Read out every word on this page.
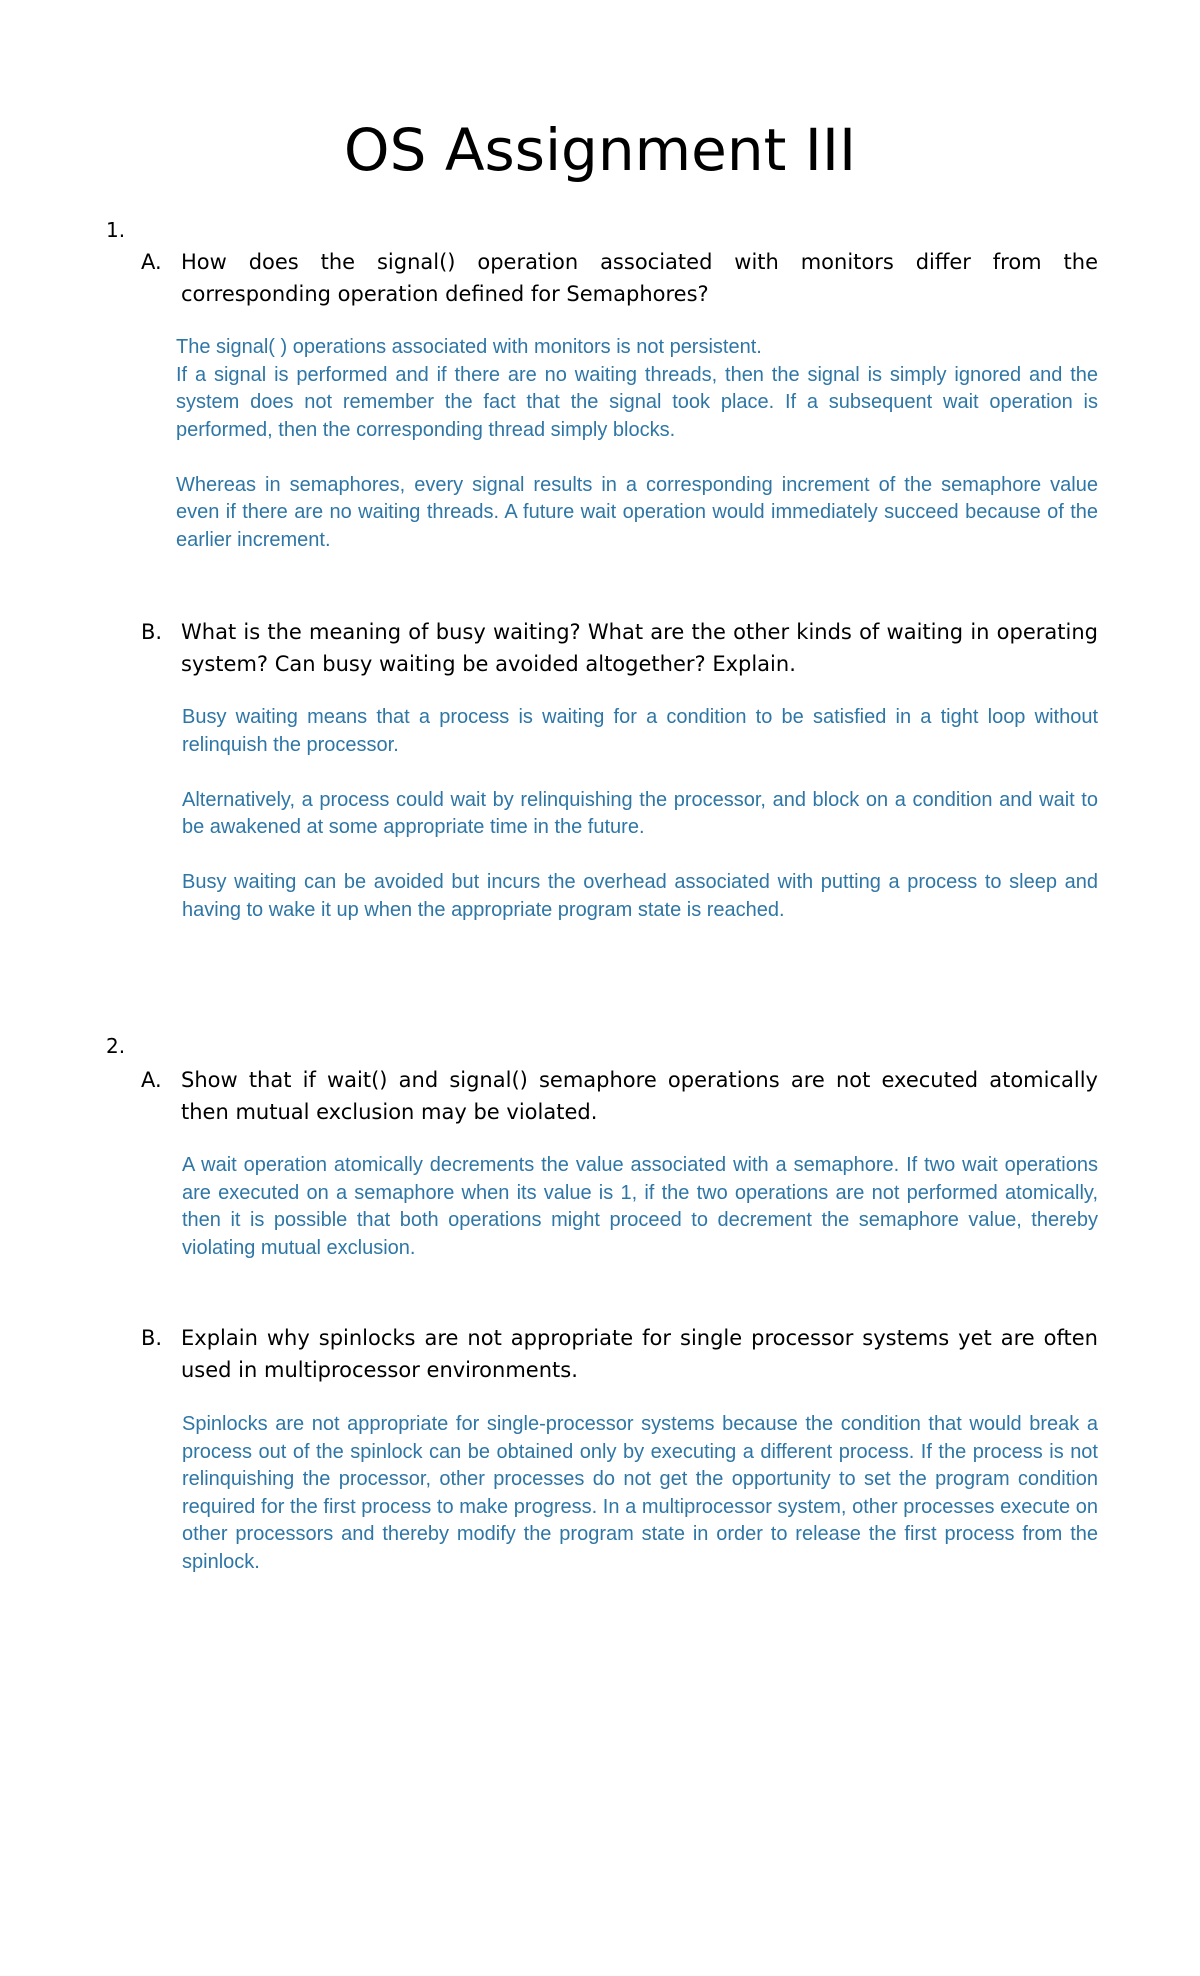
OS Assignment III
1.
A. How does the signal() operation associated with monitors differ from the corresponding operation defined for Semaphores?

The signal( ) operations associated with monitors is not persistent.

If a signal is performed and if there are no waiting threads, then the signal is simply ignored and the system does not remember the fact that the signal took place. If a subsequent wait operation is performed, then the corresponding thread simply blocks.

Whereas in semaphores, every signal results in a corresponding increment of the semaphore value even if there are no waiting threads. A future wait operation would immediately succeed because of the earlier increment.

B. What is the meaning of busy waiting? What are the other kinds of waiting in operating system? Can busy waiting be avoided altogether? Explain.

Busy waiting means that a process is waiting for a condition to be satisfied in a tight loop without relinquish the processor.

Alternatively, a process could wait by relinquishing the processor, and block on a condition and wait to be awakened at some appropriate time in the future.

Busy waiting can be avoided but incurs the overhead associated with putting a process to sleep and having to wake it up when the appropriate program state is reached.

2.
A. Show that if wait() and signal() semaphore operations are not executed atomically then mutual exclusion may be violated.

A wait operation atomically decrements the value associated with a semaphore. If two wait operations are executed on a semaphore when its value is 1, if the two operations are not performed atomically, then it is possible that both operations might proceed to decrement the semaphore value, thereby violating mutual exclusion.

B. Explain why spinlocks are not appropriate for single processor systems yet are often used in multiprocessor environments.

Spinlocks are not appropriate for single-processor systems because the condition that would break a process out of the spinlock can be obtained only by executing a different process. If the process is not relinquishing the processor, other processes do not get the opportunity to set the program condition required for the first process to make progress. In a multiprocessor system, other processes execute on other processors and thereby modify the program state in order to release the first process from the spinlock.
